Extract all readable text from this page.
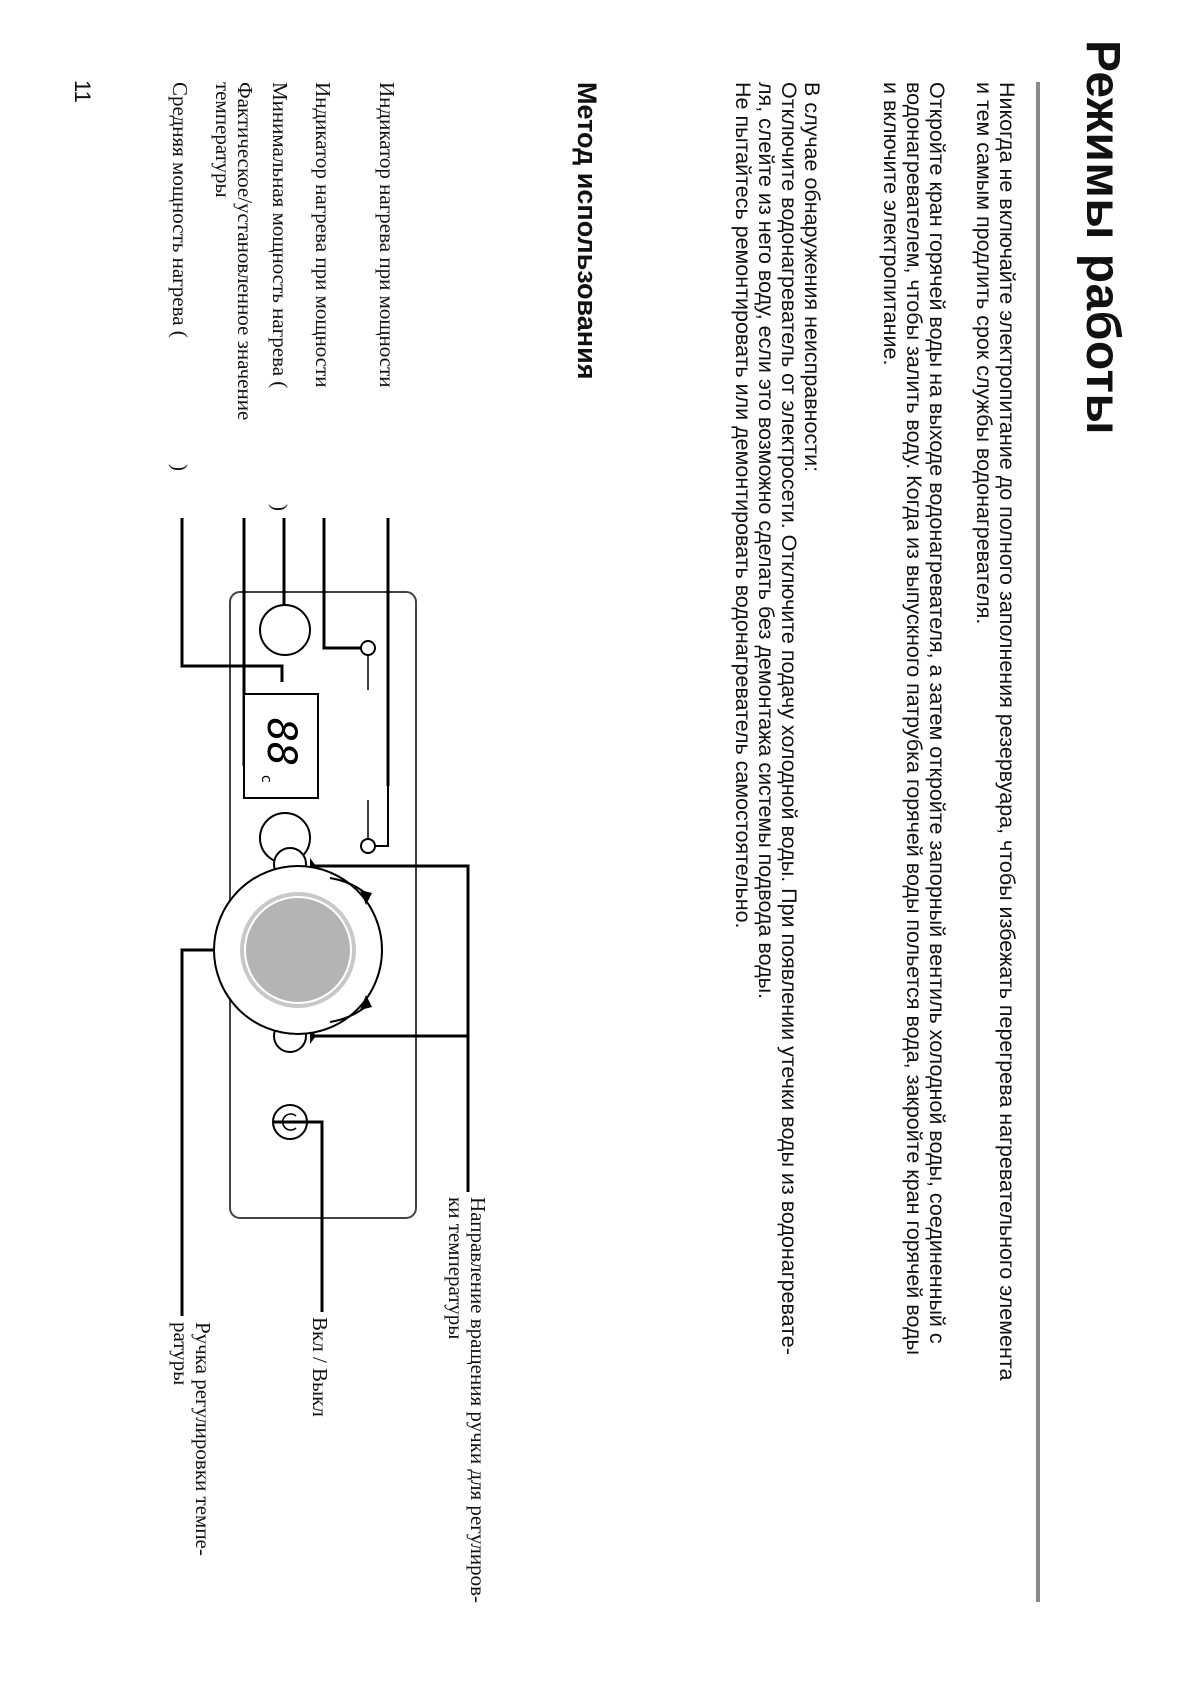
Режимы работы
Никогда не включайте электропитание до полного заполнения резервуара, чтобы избежать перегрева нагревательного элемента
и тем самым продлить срок службы водонагревателя.
Откройте кран горячей воды на выходе водонагревателя, а затем откройте запорный вентиль холодной воды, соединенный с
водонагревателем, чтобы залить воду. Когда из выпускного патрубка горячей воды польется вода, закройте кран горячей воды
и включите электропитание.
В случае обнаружения неисправности:
Отключите водонагреватель от электросети. Отключите подачу холодной воды. При появлении утечки воды из водонагревате-
ля, слейте из него воду, если это возможно сделать без демонтажа системы подвода воды.
Не пытайтесь ремонтировать или демонтировать водонагреватель самостоятельно.
Метод использования
Индикатор нагрева при мощности
Индикатор нагрева при мощности
Минимальная мощность нагрева (
Фактическое/установленное значение
температуры
Средняя мощность нагрева (
)
)
Направление вращения ручки для регулиров-
ки температуры
Вкл / Выкл
Ручка регулировки темпе-
ратуры
88
c
11
